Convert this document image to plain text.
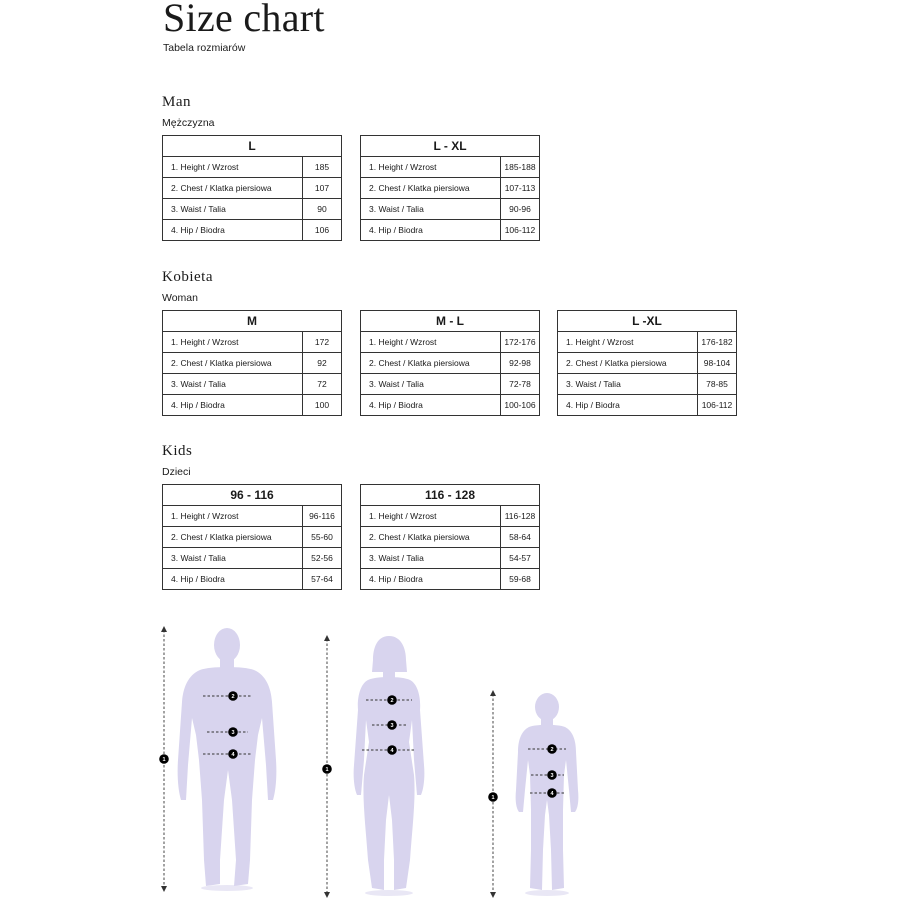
Size chart
Tabela rozmiarów
Man
Mężczyzna
L	
1. Height / Wzrost	185
2. Chest / Klatka piersiowa	107
3. Waist / Talia	90
4. Hip / Biodra	106
L - XL	
1. Height / Wzrost	185-188
2. Chest / Klatka piersiowa	107-113
3. Waist / Talia	90-96
4. Hip / Biodra	106-112
Kobieta
Woman
M	
1. Height / Wzrost	172
2. Chest / Klatka piersiowa	92
3. Waist / Talia	72
4. Hip / Biodra	100
M - L	
1. Height / Wzrost	172-176
2. Chest / Klatka piersiowa	92-98
3. Waist / Talia	72-78
4. Hip / Biodra	100-106
L -XL	
1. Height / Wzrost	176-182
2. Chest / Klatka piersiowa	98-104
3. Waist / Talia	78-85
4. Hip / Biodra	106-112
Kids
Dzieci
96 - 116	
1. Height / Wzrost	96-116
2. Chest / Klatka piersiowa	55-60
3. Waist / Talia	52-56
4. Hip / Biodra	57-64
116 - 128	
1. Height / Wzrost	116-128
2. Chest / Klatka piersiowa	58-64
3. Waist / Talia	54-57
4. Hip / Biodra	59-68
1
2
3
4
1
2
3
4
1
2
3
4
